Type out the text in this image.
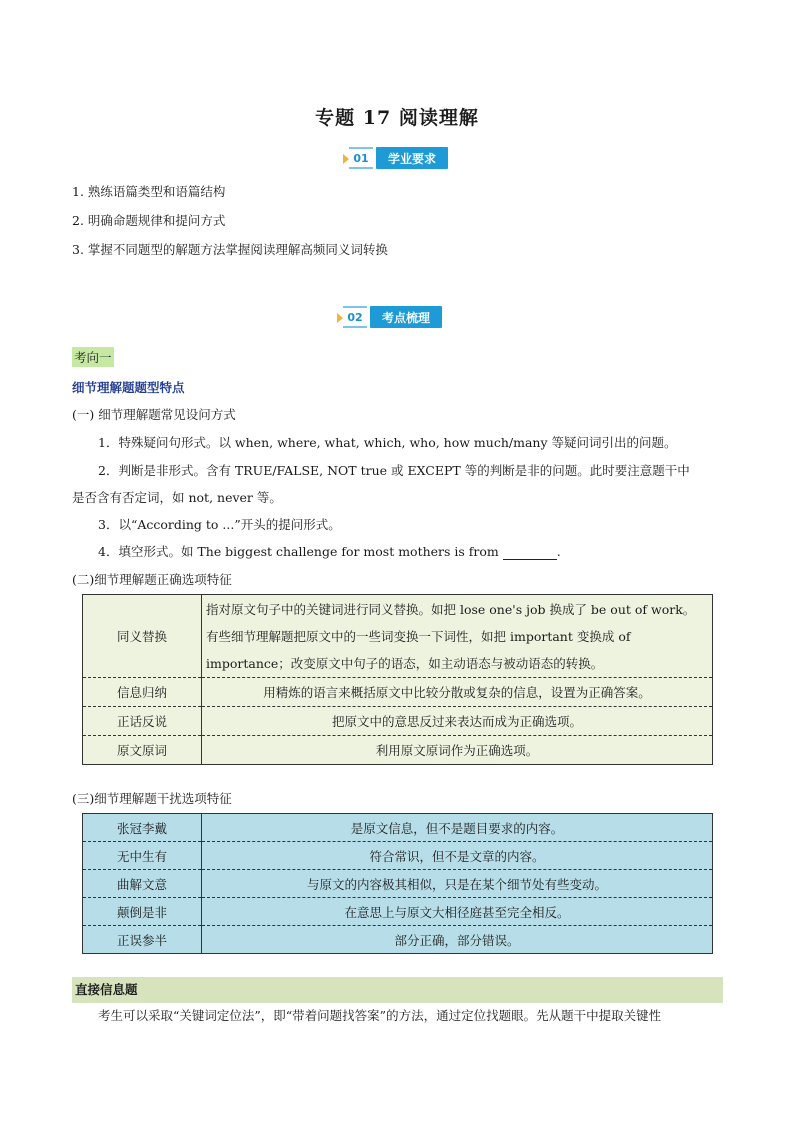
专题 17 阅读理解
01	学业要求
1. 熟练语篇类型和语篇结构
2. 明确命题规律和提问方式
3. 掌握不同题型的解题方法掌握阅读理解高频同义词转换
02	考点梳理
考向一
细节理解题题型特点
(一) 细节理解题常见设问方式
1．特殊疑问句形式。以 when, where, what, which, who, how much/many 等疑问词引出的问题。
2．判断是非形式。含有 TRUE/FALSE, NOT true 或 EXCEPT 等的判断是非的问题。此时要注意题干中
是否含有否定词，如 not, never 等。
3．以“According to ...”开头的提问形式。
4．填空形式。如 The biggest challenge for most mothers is from	.
(二)细节理解题正确选项特征
同义替换	指对原文句子中的关键词进行同义替换。如把 lose one's job 换成了 be out of work。
有些细节理解题把原文中的一些词变换一下词性，如把 important 变换成 of
importance；改变原文中句子的语态，如主动语态与被动语态的转换。

信息归纳	用精炼的语言来概括原文中比较分散或复杂的信息，设置为正确答案。
正话反说	把原文中的意思反过来表达而成为正确选项。
原文原词	利用原文原词作为正确选项。
(三)细节理解题干扰选项特征
张冠李戴	是原文信息，但不是题目要求的内容。
无中生有	符合常识，但不是文章的内容。
曲解文意	与原文的内容极其相似，只是在某个细节处有些变动。
颠倒是非	在意思上与原文大相径庭甚至完全相反。
正误参半	部分正确，部分错误。
直接信息题
考生可以采取“关键词定位法”，即“带着问题找答案”的方法，通过定位找题眼。先从题干中提取关键性
